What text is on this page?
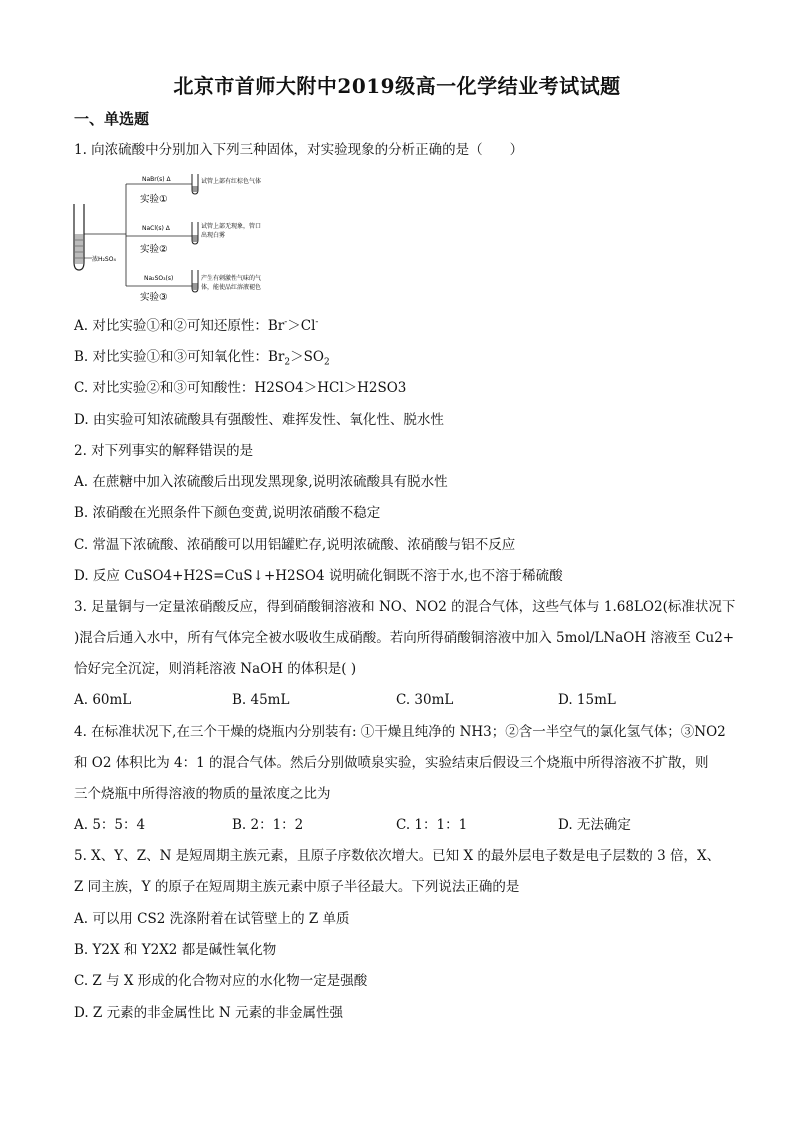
北京市首师大附中2019级高一化学结业考试试题
一、单选题
1. 向浓硫酸中分别加入下列三种固体，对实验现象的分析正确的是（　　）
浓H₂SO₄
NaBr(s) Δ
实验①
试管上部有红棕色气体
NaCl(s) Δ
实验②
试管上部无现象，管口
出现白雾
Na₂SO₃(s)
实验③
产生有刺激性气味的气
体，能使品红溶液褪色
A. 对比实验①和②可知还原性：Br-＞Cl-
B. 对比实验①和③可知氧化性：$Br_2>SO_2$
C. 对比实验②和③可知酸性：H2SO4＞HCl＞H2SO3
D. 由实验可知浓硫酸具有强酸性、难挥发性、氧化性、脱水性
2. 对下列事实的解释错误的是
A. 在蔗糖中加入浓硫酸后出现发黑现象,说明浓硫酸具有脱水性
B. 浓硝酸在光照条件下颜色变黄,说明浓硝酸不稳定
C. 常温下浓硫酸、浓硝酸可以用铝罐贮存,说明浓硫酸、浓硝酸与铝不反应
D. 反应 CuSO4+H2S=CuS↓+H2SO4 说明硫化铜既不溶于水,也不溶于稀硫酸
3. 足量铜与一定量浓硝酸反应，得到硝酸铜溶液和 NO、NO2 的混合气体，这些气体与 1.68LO2(标准状况下
)混合后通入水中，所有气体完全被水吸收生成硝酸。若向所得硝酸铜溶液中加入 5mol/LNaOH 溶液至 Cu2+
恰好完全沉淀，则消耗溶液 NaOH 的体积是( )
A. 60mL	B. 45mL	C. 30mL	D. 15mL
4. 在标准状况下,在三个干燥的烧瓶内分别装有: ①干燥且纯净的 NH3；②含一半空气的氯化氢气体；③NO2
和 O2 体积比为 4：1 的混合气体。然后分别做喷泉实验，实验结束后假设三个烧瓶中所得溶液不扩散，则
三个烧瓶中所得溶液的物质的量浓度之比为
A. 5：5：4	B. 2：1：2	C. 1：1：1	D. 无法确定
5. X、Y、Z、N 是短周期主族元素，且原子序数依次增大。已知 X 的最外层电子数是电子层数的 3 倍，X、
Z 同主族，Y 的原子在短周期主族元素中原子半径最大。下列说法正确的是
A. 可以用 CS2 洗涤附着在试管壁上的 Z 单质
B. Y2X 和 Y2X2 都是碱性氧化物
C. Z 与 X 形成的化合物对应的水化物一定是强酸
D. Z 元素的非金属性比 N 元素的非金属性强
